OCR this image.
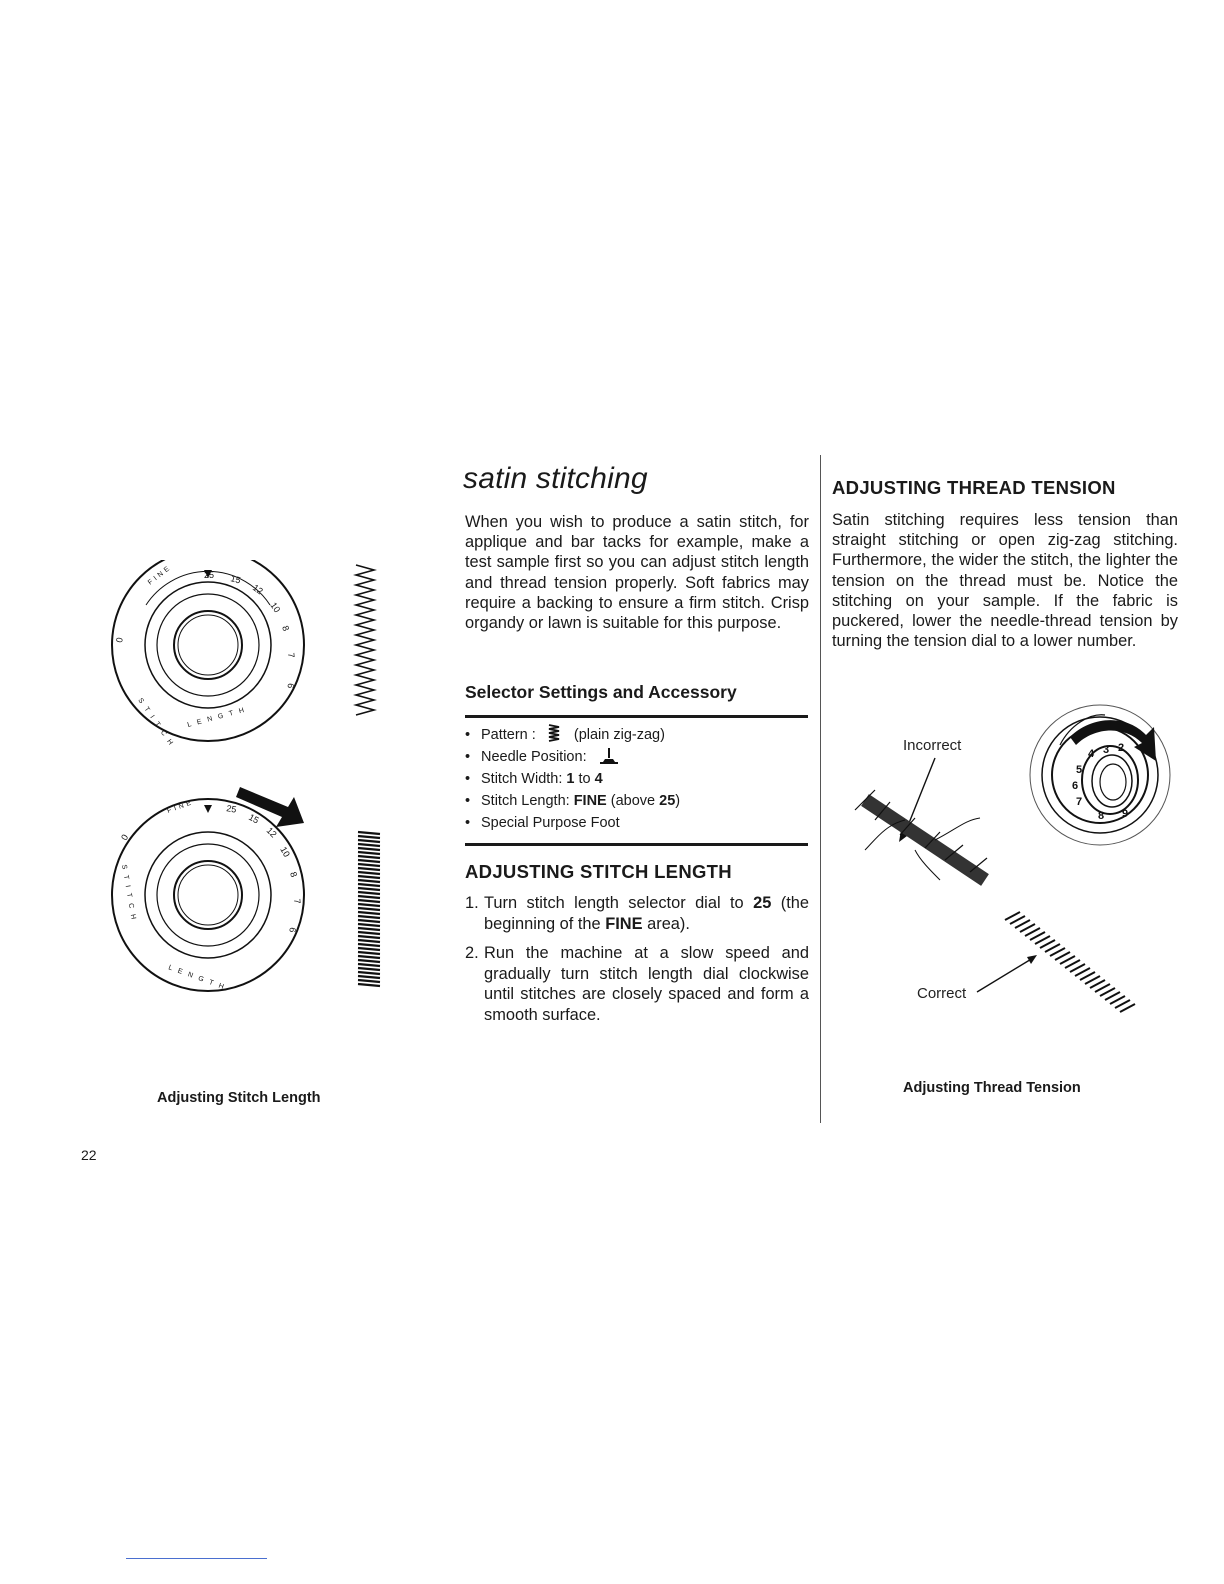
0
FINE	25 15
12
10
8
7
6
STITCH LENGTH
0
FINE	25
15
12
10
8
7
6
STITCH
LENGTH
Adjusting Stitch Length
satin stitching
When you wish to produce a satin stitch, for applique and bar tacks for example, make a test sample first so you can adjust stitch length and thread tension properly. Soft fabrics may require a backing to ensure a firm stitch. Crisp organdy or lawn is suitable for this purpose.
Selector Settings and Accessory
• Pattern :	(plain zig-zag)
• Needle Position:
• Stitch Width: 1 to 4
• Stitch Length: FINE (above 25)
• Special Purpose Foot
ADJUSTING STITCH LENGTH
1. Turn stitch length selector dial to 25 (the beginning of the FINE area).
2. Run the machine at a slow speed and gradually turn stitch length dial clockwise until stitches are closely spaced and form a smooth surface.
ADJUSTING THREAD TENSION
Satin stitching requires less tension than straight stitching or open zig-zag stitching. Furthermore, the wider the stitch, the lighter the tension on the thread must be. Notice the stitching on your sample. If the fabric is puckered, lower the needle-thread tension by turning the tension dial to a lower number.
Incorrect	3
4
5
6
7
8 9
2
Correct
Adjusting Thread Tension
22
